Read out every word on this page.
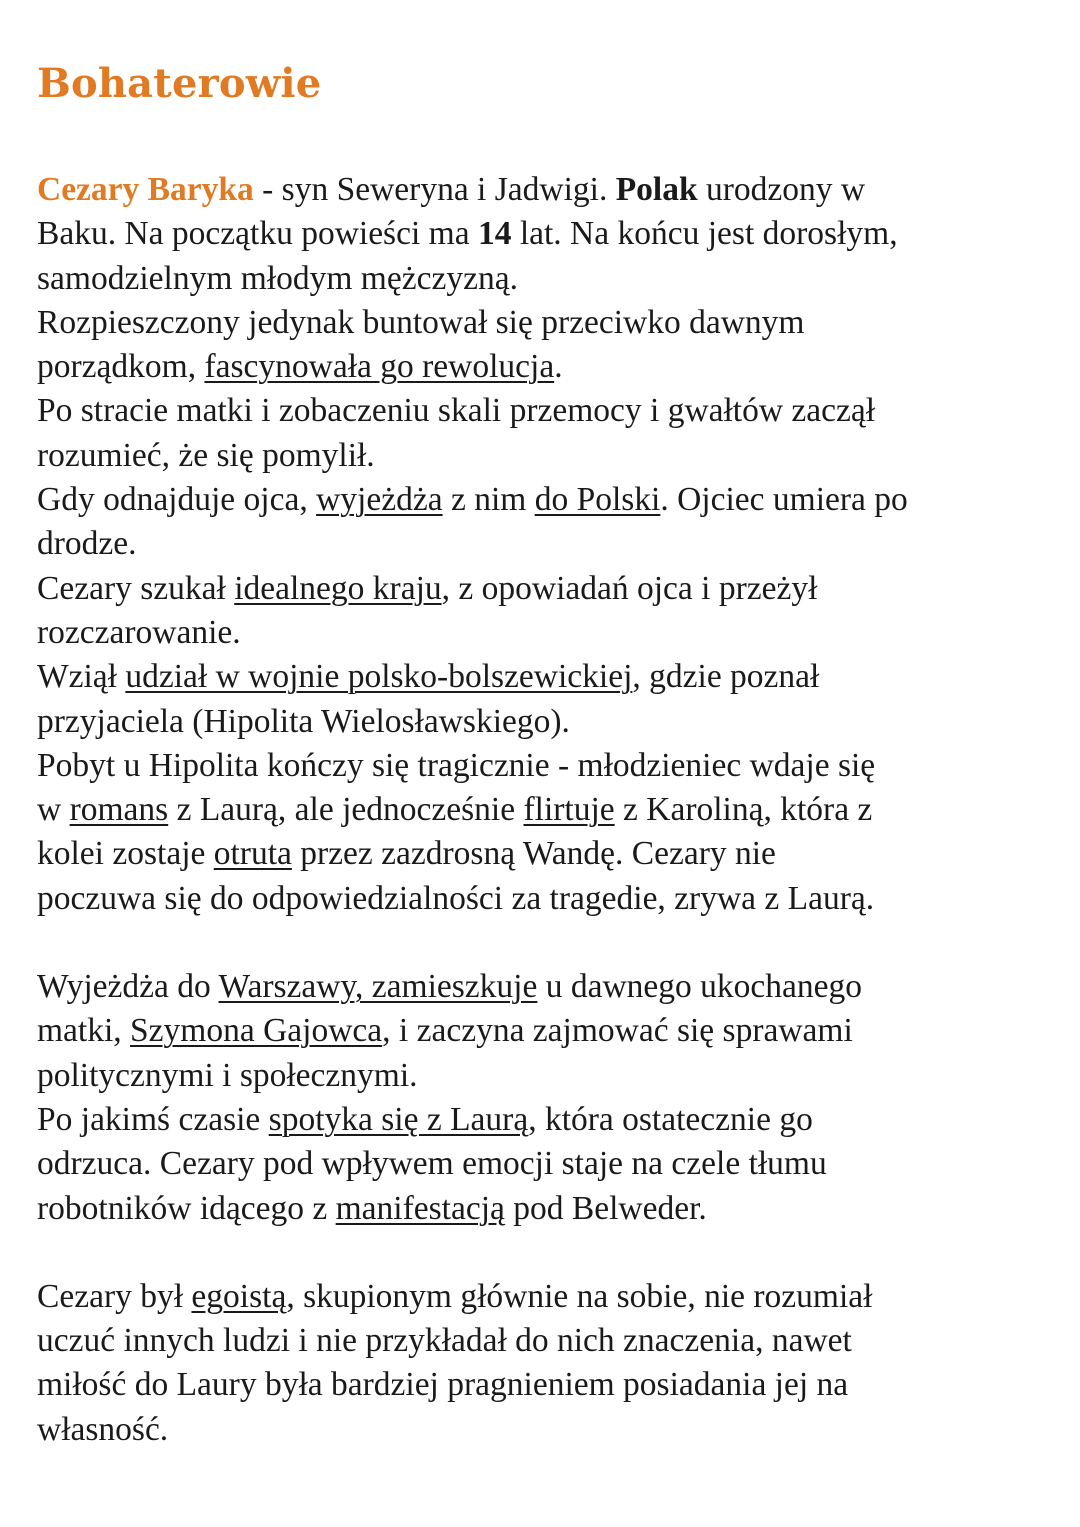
Bohaterowie

Cezary Baryka - syn Seweryna i Jadwigi. Polak urodzony w
Baku. Na początku powieści ma 14 lat. Na końcu jest dorosłym,
samodzielnym młodym mężczyzną.
Rozpieszczony jedynak buntował się przeciwko dawnym
porządkom, fascynowała go rewolucja.
Po stracie matki i zobaczeniu skali przemocy i gwałtów zaczął
rozumieć, że się pomylił.
Gdy odnajduje ojca, wyjeżdża z nim do Polski. Ojciec umiera po
drodze.
Cezary szukał idealnego kraju, z opowiadań ojca i przeżył
rozczarowanie.
Wziął udział w wojnie polsko-bolszewickiej, gdzie poznał
przyjaciela (Hipolita Wielosławskiego).
Pobyt u Hipolita kończy się tragicznie - młodzieniec wdaje się
w romans z Laurą, ale jednocześnie flirtuje z Karoliną, która z
kolei zostaje otruta przez zazdrosną Wandę. Cezary nie
poczuwa się do odpowiedzialności za tragedie, zrywa z Laurą.

Wyjeżdża do Warszawy, zamieszkuje u dawnego ukochanego
matki, Szymona Gajowca, i zaczyna zajmować się sprawami
politycznymi i społecznymi.
Po jakimś czasie spotyka się z Laurą, która ostatecznie go
odrzuca. Cezary pod wpływem emocji staje na czele tłumu
robotników idącego z manifestacją pod Belweder.

Cezary był egoistą, skupionym głównie na sobie, nie rozumiał
uczuć innych ludzi i nie przykładał do nich znaczenia, nawet
miłość do Laury była bardziej pragnieniem posiadania jej na
własność.
